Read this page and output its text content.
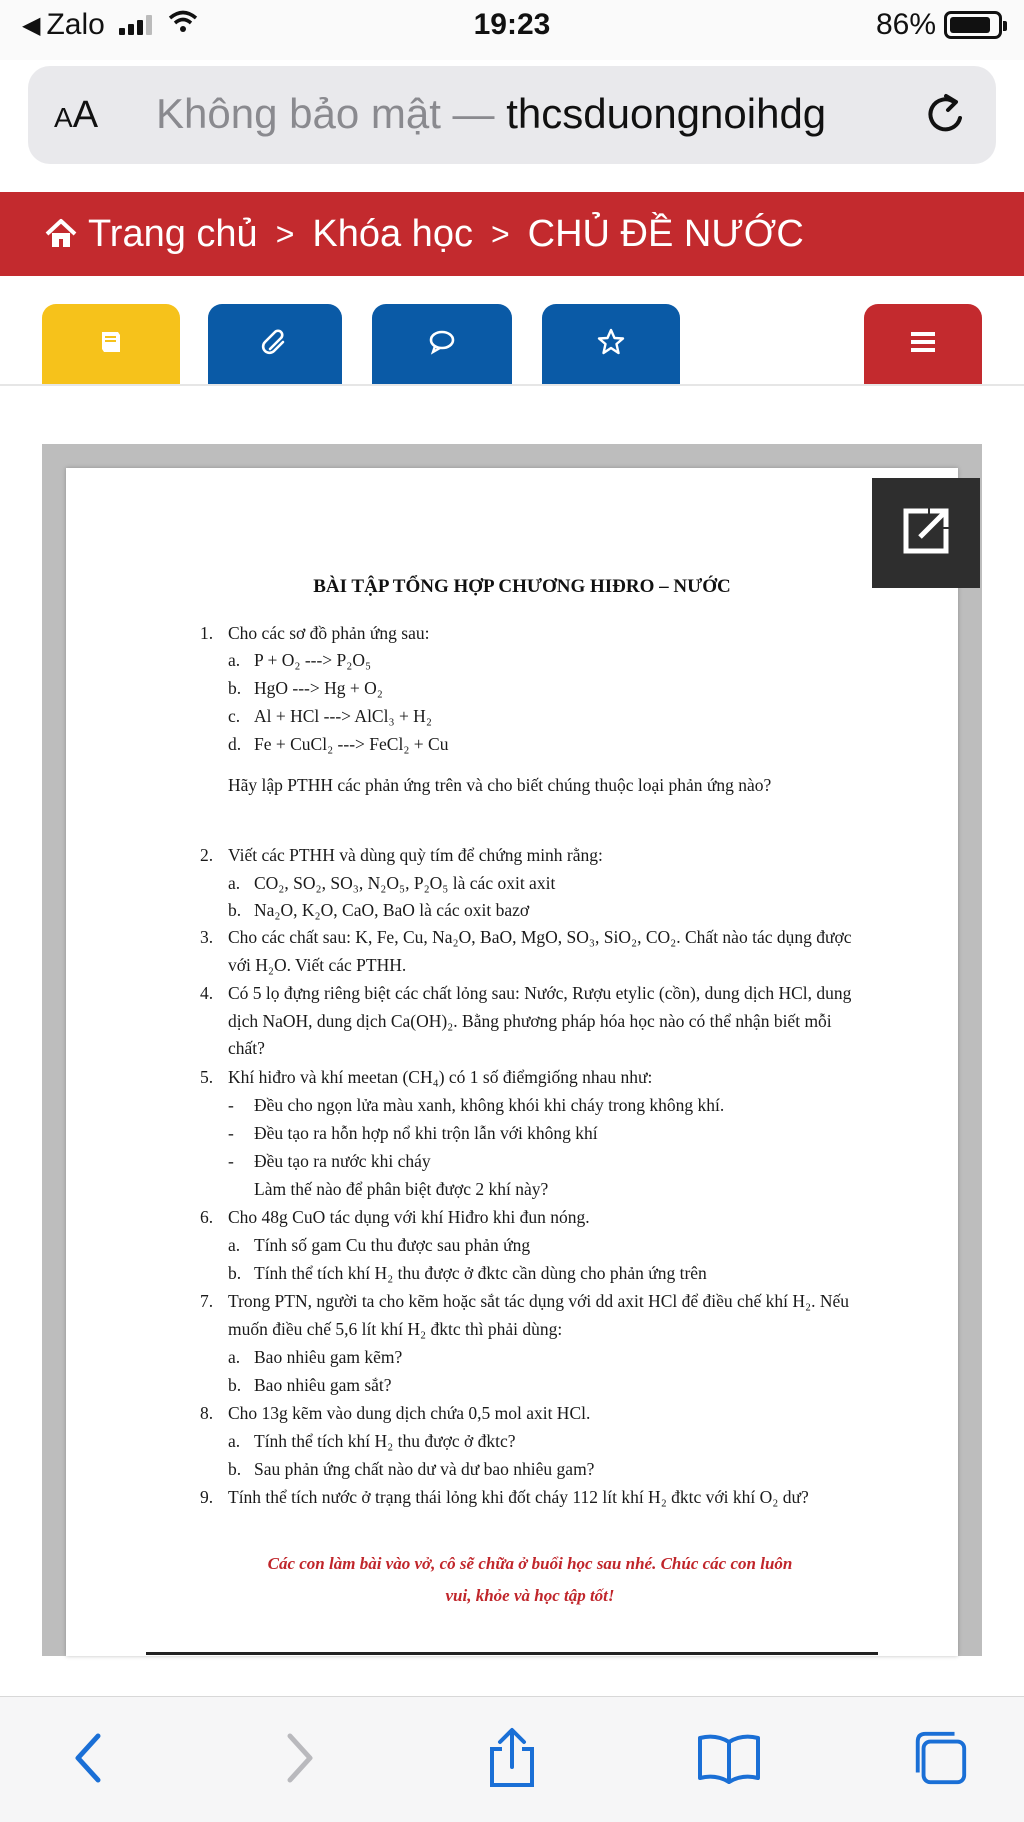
◀ Zalo	19:23	86%
AA Không bảo mật — thcsduongnoihdg
Trang chủ > Khóa học > CHỦ ĐỀ NƯỚC
BÀI TẬP TỔNG HỢP CHƯƠNG HIĐRO – NƯỚC
1. Cho các sơ đồ phản ứng sau:
a. P + O₂ ---> P₂O₅
b. HgO ---> Hg + O₂
c. Al + HCl ---> AlCl₃ + H₂
d. Fe + CuCl₂ ---> FeCl₂ + Cu
Hãy lập PTHH các phản ứng trên và cho biết chúng thuộc loại phản ứng nào?
2. Viết các PTHH và dùng quỳ tím để chứng minh rằng:
a. CO₂, SO₂, SO₃, N₂O₅, P₂O₅ là các oxit axit
b. Na₂O, K₂O, CaO, BaO là các oxit bazơ
3. Cho các chất sau: K, Fe, Cu, Na₂O, BaO, MgO, SO₃, SiO₂, CO₂. Chất nào tác dụng được với H₂O. Viết các PTHH.
4. Có 5 lọ đựng riêng biệt các chất lỏng sau: Nước, Rượu etylic (cồn), dung dịch HCl, dung dịch NaOH, dung dịch Ca(OH)₂. Bằng phương pháp hóa học nào có thể nhận biết mỗi chất?
5. Khí hiđro và khí meetan (CH₄) có 1 số điểmgiống nhau như:
- Đều cho ngọn lửa màu xanh, không khói khi cháy trong không khí.
- Đều tạo ra hỗn hợp nổ khi trộn lẫn với không khí
- Đều tạo ra nước khi cháy
Làm thế nào để phân biệt được 2 khí này?
6. Cho 48g CuO tác dụng với khí Hiđro khi đun nóng.
a. Tính số gam Cu thu được sau phản ứng
b. Tính thể tích khí H₂ thu được ở đktc cần dùng cho phản ứng trên
7. Trong PTN, người ta cho kẽm hoặc sắt tác dụng với dd axit HCl để điều chế khí H₂. Nếu muốn điều chế 5,6 lít khí H₂ đktc thì phải dùng:
a. Bao nhiêu gam kẽm?
b. Bao nhiêu gam sắt?
8. Cho 13g kẽm vào dung dịch chứa 0,5 mol axit HCl.
a. Tính thể tích khí H₂ thu được ở đktc?
b. Sau phản ứng chất nào dư và dư bao nhiêu gam?
9. Tính thể tích nước ở trạng thái lỏng khi đốt cháy 112 lít khí H₂ đktc với khí O₂ dư?
Các con làm bài vào vở, cô sẽ chữa ở buổi học sau nhé. Chúc các con luôn
vui, khỏe và học tập tốt!
